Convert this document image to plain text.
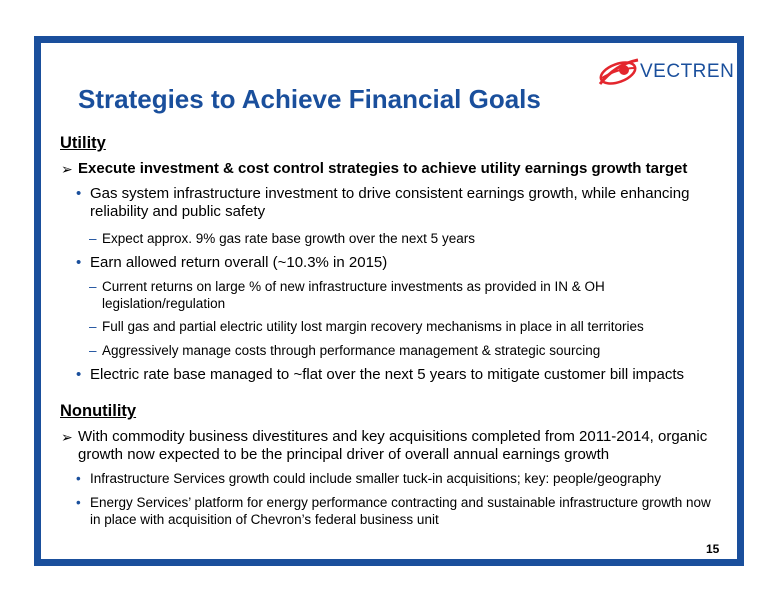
VECTREN
Strategies to Achieve Financial Goals
Utility
➢ Execute investment & cost control strategies to achieve utility earnings growth target
• Gas system infrastructure investment to drive consistent earnings growth, while enhancing reliability and public safety
– Expect approx. 9% gas rate base growth over the next 5 years
• Earn allowed return overall (~10.3% in 2015)
– Current returns on large % of new infrastructure investments as provided in IN & OH legislation/regulation
– Full gas and partial electric utility lost margin recovery mechanisms in place in all territories
– Aggressively manage costs through performance management & strategic sourcing
• Electric rate base managed to ~flat over the next 5 years to mitigate customer bill impacts
Nonutility
➢ With commodity business divestitures and key acquisitions completed from 2011-2014, organic growth now expected to be the principal driver of overall annual earnings growth
• Infrastructure Services growth could include smaller tuck-in acquisitions; key: people/geography
• Energy Services’ platform for energy performance contracting and sustainable infrastructure growth now in place with acquisition of Chevron’s federal business unit
15
